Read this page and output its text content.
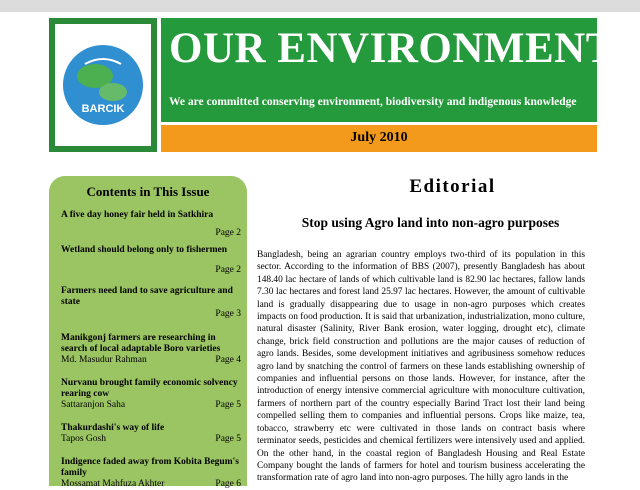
BARCIK
OUR ENVIRONMENT
We are committed conserving environment, biodiversity and indigenous knowledge
July 2010
Contents in This Issue
A five day honey fair held in Satkhira
Page 2
Wetland should belong only to fishermen
Page 2
Farmers need land to save agriculture and state
Page 3
Manikgonj farmers are researching in search of local adaptable Boro varieties
Md. Masudur Rahman	Page 4
Nurvanu brought family economic solvency rearing cow
Sattaranjon Saha	Page 5
Thakurdashi's way of life
Tapos Gosh	Page 5
Indigence faded away from Kobita Begum's family
Mossamat Mahfuza Akhter	Page 6
Editorial
Stop using Agro land into non-agro purposes
Bangladesh, being an agrarian country employs two-third of its population in this sector. According to the information of BBS (2007), presently Bangladesh has about 148.40 lac hectare of lands of which cultivable land is 82.90 lac hectares, fallow lands 7.30 lac hectares and forest land 25.97 lac hectares. However, the amount of cultivable land is gradually disappearing due to usage in non-agro purposes which creates impacts on food production. It is said that urbanization, industrialization, mono culture, natural disaster (Salinity, River Bank erosion, water logging, drought etc), climate change, brick field construction and pollutions are the major causes of reduction of agro lands. Besides, some development initiatives and agribusiness somehow reduces agro land by snatching the control of farmers on these lands establishing ownership of companies and influential persons on those lands. However, for instance, after the introduction of energy intensive commercial agriculture with monoculture cultivation, farmers of northern part of the country especially Barind Tract lost their land being compelled selling them to companies and influential persons. Crops like maize, tea, tobacco, strawberry etc were cultivated in those lands on contract basis where terminator seeds, pesticides and chemical fertilizers were intensively used and applied. On the other hand, in the coastal region of Bangladesh Housing and Real Estate Company bought the lands of farmers for hotel and tourism business accelerating the transformation rate of agro land into non-agro purposes. The hilly agro lands in the
